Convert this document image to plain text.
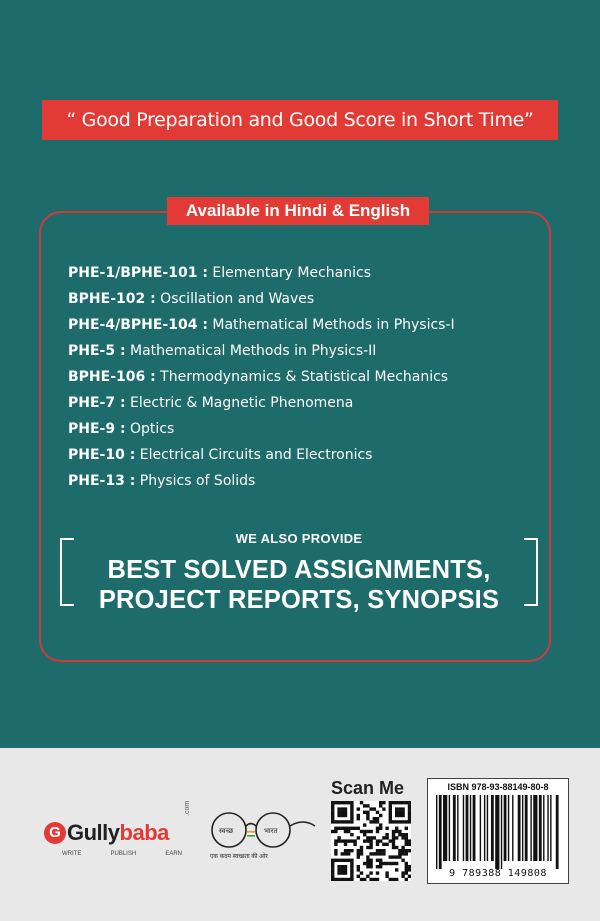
“ Good Preparation and Good Score in Short Time”
Available in Hindi & English
PHE-1/BPHE-101 : Elementary Mechanics
BPHE-102 : Oscillation and Waves
PHE-4/BPHE-104 : Mathematical Methods in Physics-I
PHE-5 : Mathematical Methods in Physics-II
BPHE-106 : Thermodynamics & Statistical Mechanics
PHE-7 : Electric & Magnetic Phenomena
PHE-9 : Optics
PHE-10 : Electrical Circuits and Electronics
PHE-13 : Physics of Solids
WE ALSO PROVIDE
BEST SOLVED ASSIGNMENTS,
PROJECT REPORTS, SYNOPSIS
G Gullybaba
.com
WRITE	PUBLISH	EARN
स्वच्छ	भारत
एक कदम स्वच्छता की ओर
Scan Me	ISBN 978-93-88149-80-8
9 789388 149808
